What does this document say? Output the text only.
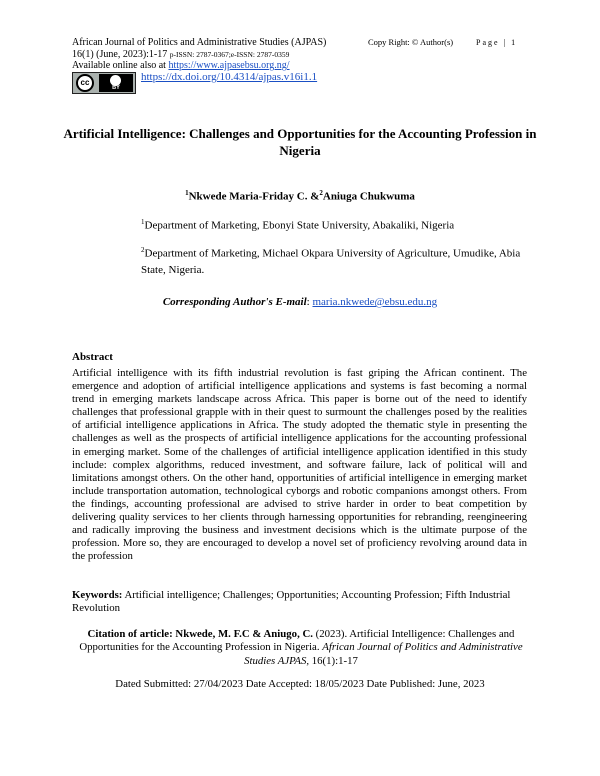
African Journal of Politics and Administrative Studies (AJPAS)
16(1) (June, 2023):1-17 p-ISSN: 2787-0367;e-ISSN: 2787-0359
Available online also at https://www.ajpasebsu.org.ng/
Copy Right: © Author(s)	Page | 1
cc
BY
https://dx.doi.org/10.4314/ajpas.v16i1.1
Artificial Intelligence: Challenges and Opportunities for the Accounting Profession in Nigeria
$^1$Nkwede Maria-Friday C. &$^2$Aniuga Chukwuma
$^1$Department of Marketing, Ebonyi State University, Abakaliki, Nigeria
$^2$Department of Marketing, Michael Okpara University of Agriculture, Umudike, Abia State, Nigeria.
Corresponding Author's E-mail: maria.nkwede@ebsu.edu.ng
Abstract
Artificial intelligence with its fifth industrial revolution is fast griping the African continent. The emergence and adoption of artificial intelligence applications and systems is fast becoming a normal trend in emerging markets landscape across Africa. This paper is borne out of the need to identify challenges that professional grapple with in their quest to surmount the challenges posed by the realities of artificial intelligence applications in Africa. The study adopted the thematic style in presenting the challenges as well as the prospects of artificial intelligence applications for the accounting professional in emerging market. Some of the challenges of artificial intelligence application identified in this study include: complex algorithms, reduced investment, and software failure, lack of political will and limitations amongst others. On the other hand, opportunities of artificial intelligence in emerging market include transportation automation, technological cyborgs and robotic companions amongst others. From the findings, accounting professional are advised to strive harder in order to beat competition by delivering quality services to her clients through harnessing opportunities for rebranding, reengineering and radically improving the business and investment decisions which is the ultimate purpose of the profession. More so, they are encouraged to develop a novel set of proficiency revolving around data in the profession
Keywords: Artificial intelligence; Challenges; Opportunities; Accounting Profession; Fifth Industrial Revolution
Citation of article: Nkwede, M. F.C & Aniugo, C. (2023). Artificial Intelligence: Challenges and Opportunities for the Accounting Profession in Nigeria. African Journal of Politics and Administrative Studies AJPAS, 16(1):1-17
Dated Submitted: 27/04/2023 Date Accepted: 18/05/2023 Date Published: June, 2023
